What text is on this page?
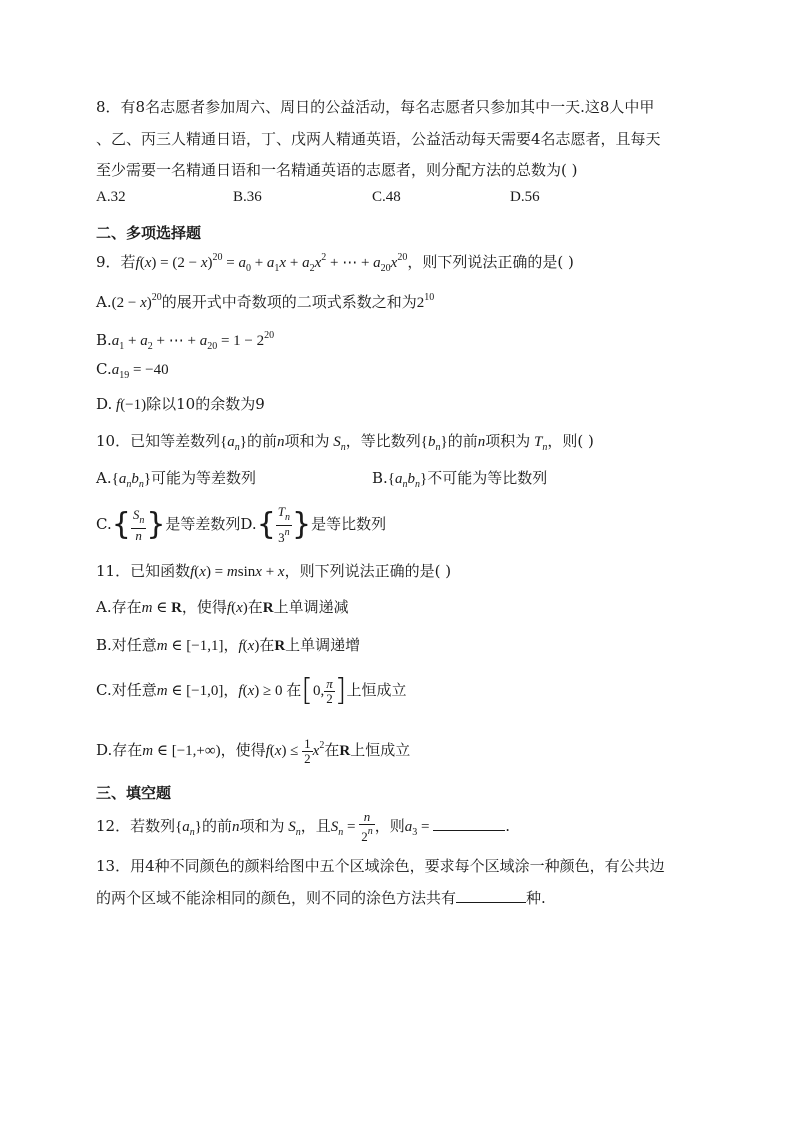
8．有8名志愿者参加周六、周日的公益活动，每名志愿者只参加其中一天.这8人中甲
、乙、丙三人精通日语，丁、戊两人精通英语，公益活动每天需要4名志愿者，且每天
至少需要一名精通日语和一名精通英语的志愿者，则分配方法的总数为( )
A.32	B.36	C.48	D.56
二、多项选择题
9．若$f(x) = (2 - x)^{20} = a_0 + a_1x + a_2x^2$ + ⋯ + $a_{20}x^{20}$，则下列说法正确的是( )
$A.(2 - x)^{20}$的展开式中奇数项的二项式系数之和为$2^{10}$
$B.a_1 + a_2$ + ⋯ + $a_{20} = 1 - 2^{20}$
$C.a_{19} = -40$
D. f(−1)除以10的余数为9
10．已知等差数列$\{a_n\}$的前n项和为 $S_n$，等比数列$\{b_n\}$的前n项积为 $T_n$，则( )
$A.\{a_nb_n\}$可能为等差数列	$B.\{a_nb_n\}$不可能为等比数列
$C.\{ \frac{S_n}{n}$ }是等差数列$D.\{ \frac{T_n}{3^n}$ }是等比数列
11．已知函数f(x) = msinx + x，则下列说法正确的是( )
A.存在m ∈ R，使得f(x)在R上单调递减
B.对任意m ∈ [−1,1]，f(x)在R上单调递增
C.对任意m ∈ [−1,0]，f(x) ≥ 0 在[0, $\frac{\pi}{2}$ ]上恒成立
D.存在m ∈ [−1,+∞)，使得$f(x) \le \frac{1}{2} x^2$在R上恒成立
三、填空题
12．若数列$\{a_n\}$的前n项和为 $S_n$，且$S_n = \frac{n}{2^n}$ ，则$a_3$ =	.
13．用4种不同颜色的颜料给图中五个区域涂色，要求每个区域涂一种颜色，有公共边
的两个区域不能涂相同的颜色，则不同的涂色方法共有	种.
